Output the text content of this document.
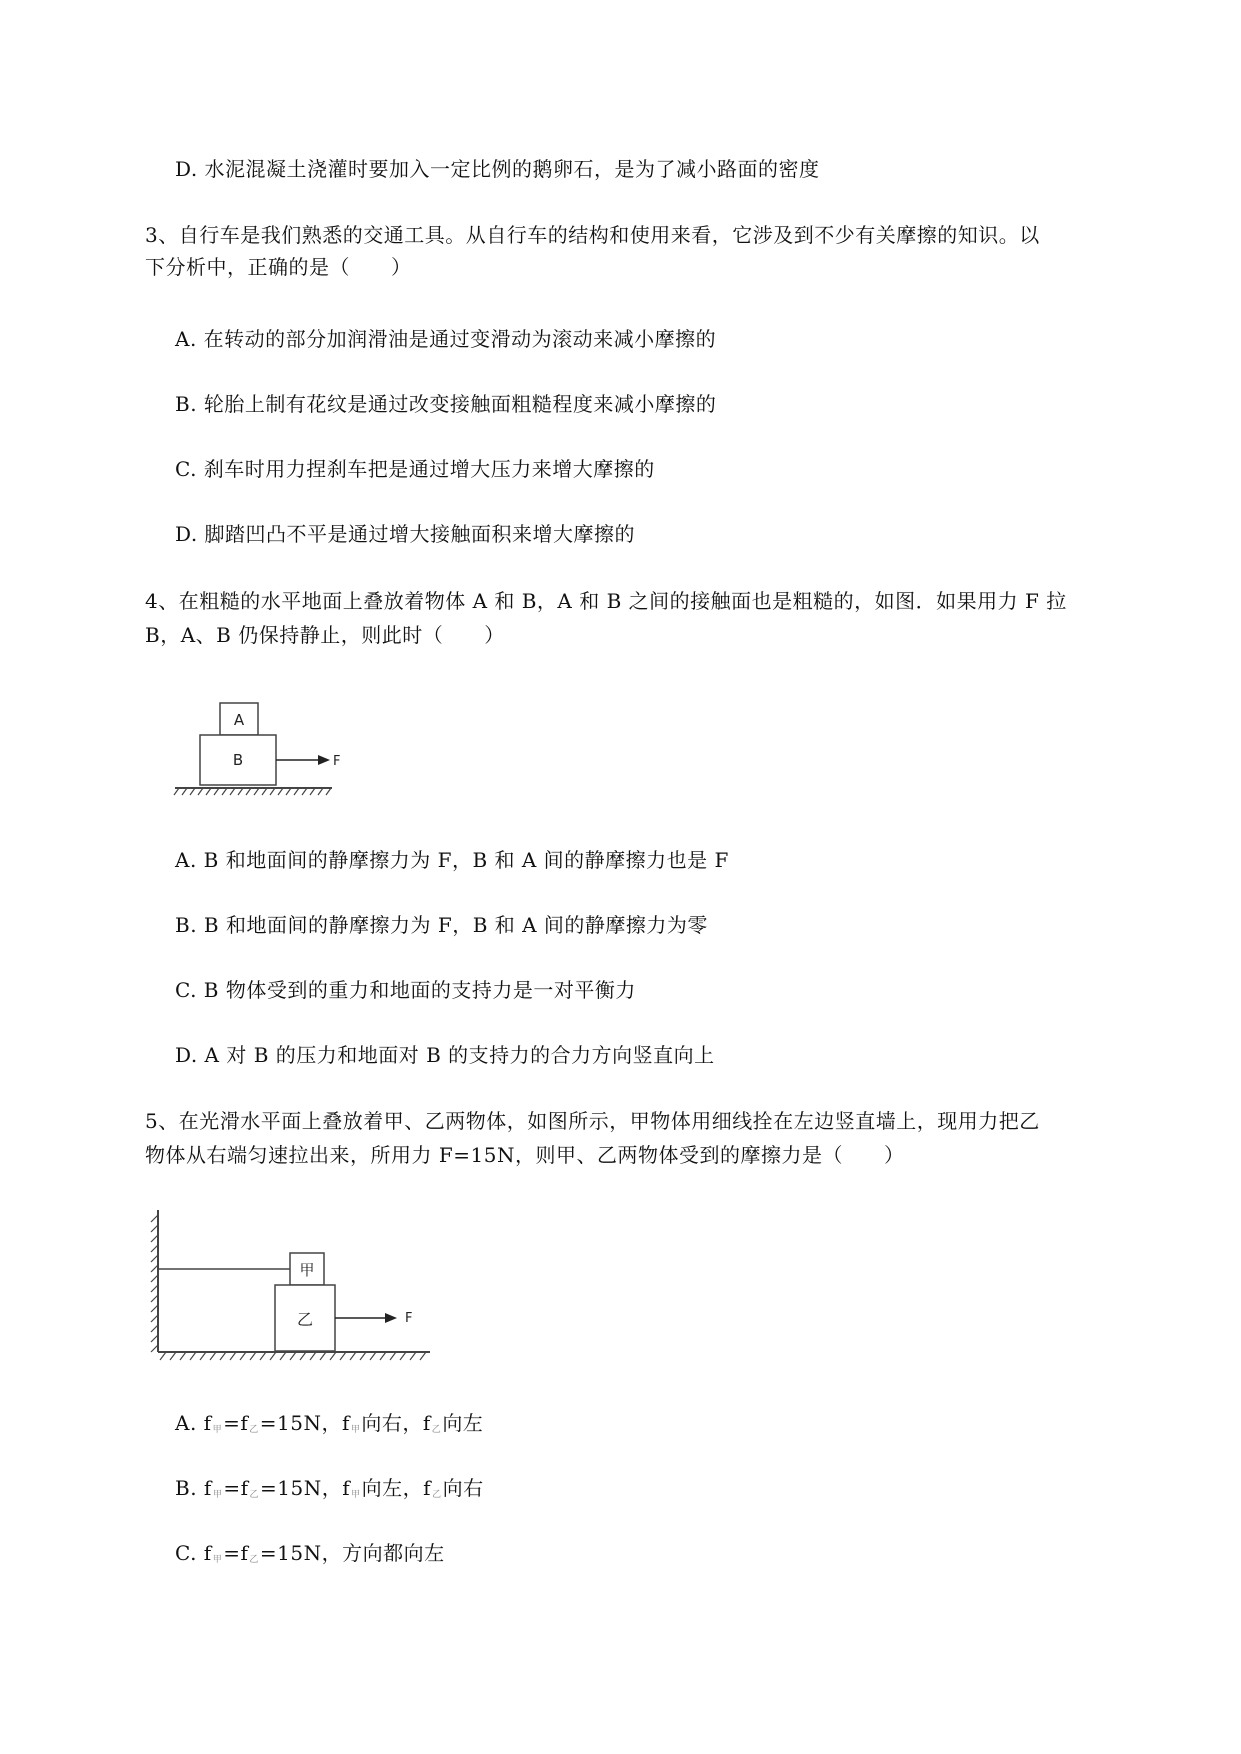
D. 水泥混凝土浇灌时要加入一定比例的鹅卵石，是为了减小路面的密度
3、自行车是我们熟悉的交通工具。从自行车的结构和使用来看，它涉及到不少有关摩擦的知识。以
下分析中，正确的是（　　）
A. 在转动的部分加润滑油是通过变滑动为滚动来减小摩擦的
B. 轮胎上制有花纹是通过改变接触面粗糙程度来减小摩擦的
C. 刹车时用力捏刹车把是通过增大压力来增大摩擦的
D. 脚踏凹凸不平是通过增大接触面积来增大摩擦的
4、在粗糙的水平地面上叠放着物体 A 和 B，A 和 B 之间的接触面也是粗糙的，如图．如果用力 F 拉
B，A、B 仍保持静止，则此时（　　）
A
B	F
A. B 和地面间的静摩擦力为 F，B 和 A 间的静摩擦力也是 F
B. B 和地面间的静摩擦力为 F，B 和 A 间的静摩擦力为零
C. B 物体受到的重力和地面的支持力是一对平衡力
D. A 对 B 的压力和地面对 B 的支持力的合力方向竖直向上
5、在光滑水平面上叠放着甲、乙两物体，如图所示，甲物体用细线拴在左边竖直墙上，现用力把乙
物体从右端匀速拉出来，所用力 F=15N，则甲、乙两物体受到的摩擦力是（　　）
甲
乙	F
A. $f_甲=f_乙=15N$，$f_甲$向右，$f_乙$向左
B. $f_甲=f_乙=15N$，$f_甲$向左，$f_乙$向右
C. $f_甲=f_乙=15N$，方向都向左
